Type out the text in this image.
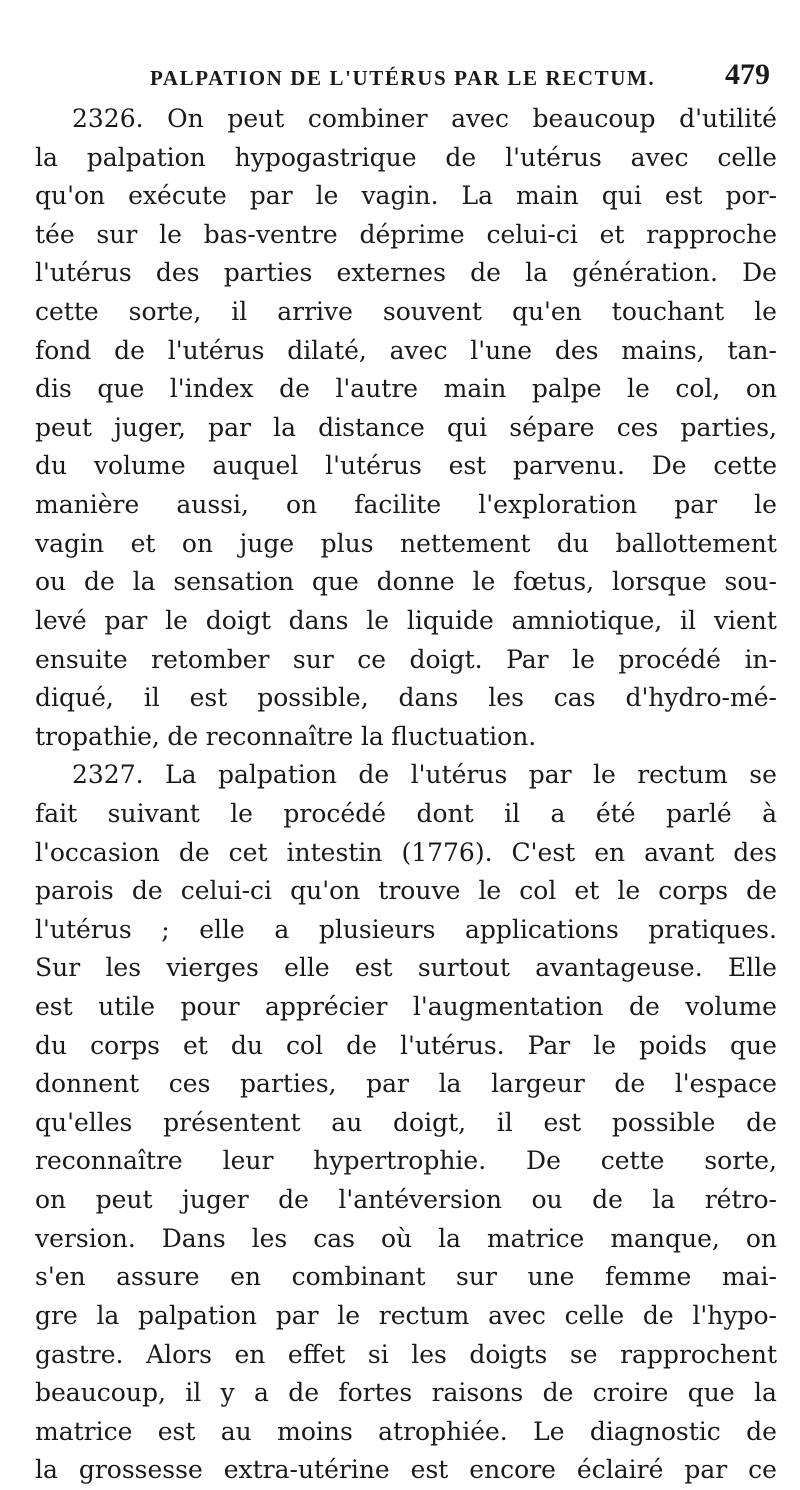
PALPATION DE L'UTÉRUS PAR LE RECTUM. 479
2326. On peut combiner avec beaucoup d'utilité
la palpation hypogastrique de l'utérus avec celle
qu'on exécute par le vagin. La main qui est por-
tée sur le bas-ventre déprime celui-ci et rapproche
l'utérus des parties externes de la génération. De
cette sorte, il arrive souvent qu'en touchant le
fond de l'utérus dilaté, avec l'une des mains, tan-
dis que l'index de l'autre main palpe le col, on
peut juger, par la distance qui sépare ces parties,
du volume auquel l'utérus est parvenu. De cette
manière aussi, on facilite l'exploration par le
vagin et on juge plus nettement du ballottement
ou de la sensation que donne le fœtus, lorsque sou-
levé par le doigt dans le liquide amniotique, il vient
ensuite retomber sur ce doigt. Par le procédé in-
diqué, il est possible, dans les cas d'hydro-mé-
tropathie, de reconnaître la fluctuation.
2327. La palpation de l'utérus par le rectum se
fait suivant le procédé dont il a été parlé à
l'occasion de cet intestin (1776). C'est en avant des
parois de celui-ci qu'on trouve le col et le corps de
l'utérus ; elle a plusieurs applications pratiques.
Sur les vierges elle est surtout avantageuse. Elle
est utile pour apprécier l'augmentation de volume
du corps et du col de l'utérus. Par le poids que
donnent ces parties, par la largeur de l'espace
qu'elles présentent au doigt, il est possible de
reconnaître leur hypertrophie. De cette sorte,
on peut juger de l'antéversion ou de la rétro-
version. Dans les cas où la matrice manque, on
s'en assure en combinant sur une femme mai-
gre la palpation par le rectum avec celle de l'hypo-
gastre. Alors en effet si les doigts se rapprochent
beaucoup, il y a de fortes raisons de croire que la
matrice est au moins atrophiée. Le diagnostic de
la grossesse extra-utérine est encore éclairé par ce
